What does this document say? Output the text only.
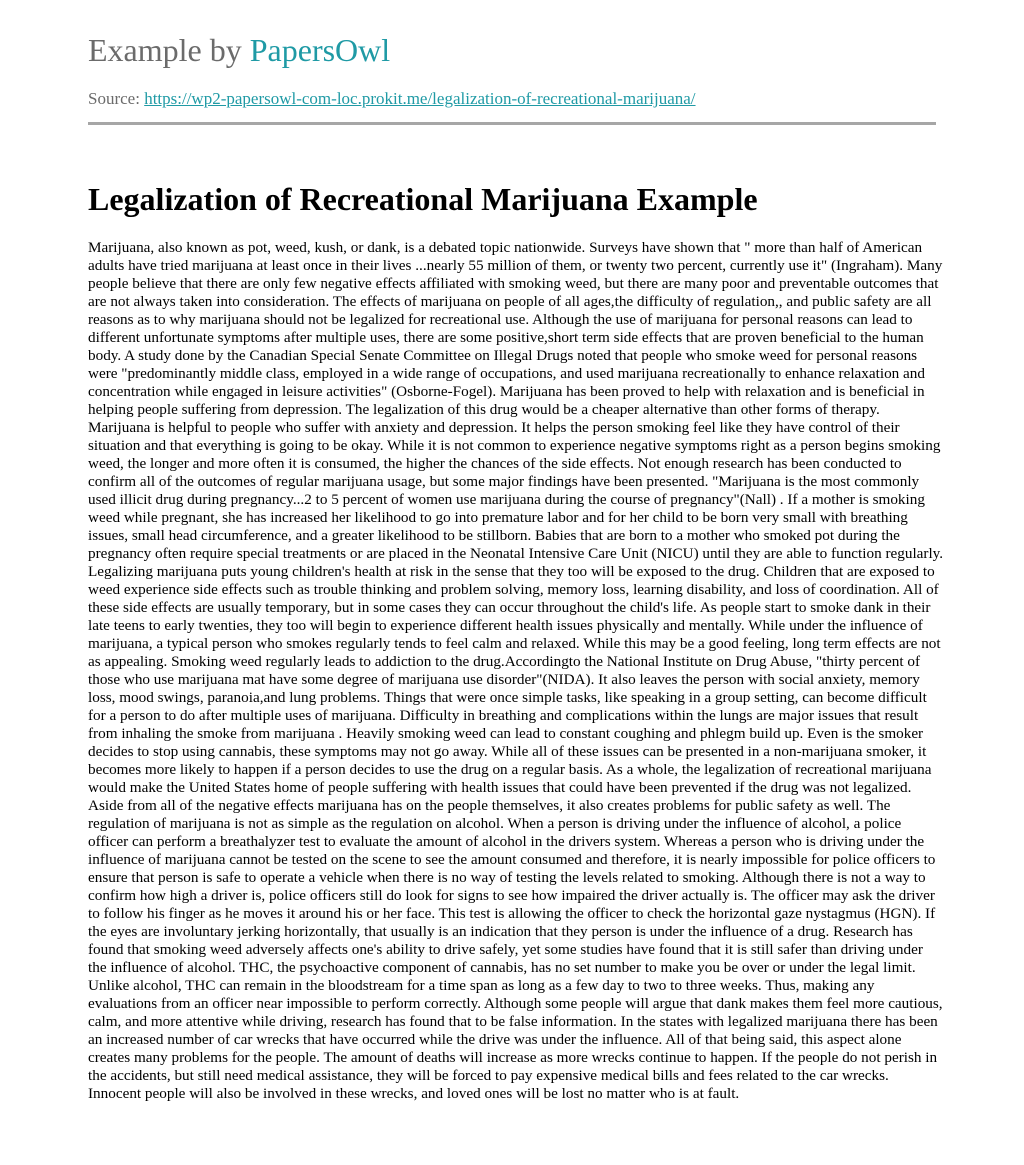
Example by PapersOwl
Source: https://wp2-papersowl-com-loc.prokit.me/legalization-of-recreational-marijuana/
Legalization of Recreational Marijuana Example

Marijuana, also known as pot, weed, kush, or dank, is a debated topic nationwide. Surveys have shown that " more than half of American adults have tried marijuana at least once in their lives ...nearly 55 million of them, or twenty two percent, currently use it" (Ingraham). Many people believe that there are only few negative effects affiliated with smoking weed, but there are many poor and preventable outcomes that are not always taken into consideration. The effects of marijuana on people of all ages,the difficulty of regulation,, and public safety are all reasons as to why marijuana should not be legalized for recreational use. Although the use of marijuana for personal reasons can lead to different unfortunate symptoms after multiple uses, there are some positive,short term side effects that are proven beneficial to the human body. A study done by the Canadian Special Senate Committee on Illegal Drugs noted that people who smoke weed for personal reasons were "predominantly middle class, employed in a wide range of occupations, and used marijuana recreationally to enhance relaxation and concentration while engaged in leisure activities" (Osborne-Fogel). Marijuana has been proved to help with relaxation and is beneficial in helping people suffering from depression. The legalization of this drug would be a cheaper alternative than other forms of therapy. Marijuana is helpful to people who suffer with anxiety and depression. It helps the person smoking feel like they have control of their situation and that everything is going to be okay. While it is not common to experience negative symptoms right as a person begins smoking weed, the longer and more often it is consumed, the higher the chances of the side effects. Not enough research has been conducted to confirm all of the outcomes of regular marijuana usage, but some major findings have been presented. "Marijuana is the most commonly used illicit drug during pregnancy...2 to 5 percent of women use marijuana during the course of pregnancy"(Nall) . If a mother is smoking weed while pregnant, she has increased her likelihood to go into premature labor and for her child to be born very small with breathing issues, small head circumference, and a greater likelihood to be stillborn. Babies that are born to a mother who smoked pot during the pregnancy often require special treatments or are placed in the Neonatal Intensive Care Unit (NICU) until they are able to function regularly. Legalizing marijuana puts young children's health at risk in the sense that they too will be exposed to the drug. Children that are exposed to weed experience side effects such as trouble thinking and problem solving, memory loss, learning disability, and loss of coordination. All of these side effects are usually temporary, but in some cases they can occur throughout the child's life. As people start to smoke dank in their late teens to early twenties, they too will begin to experience different health issues physically and mentally. While under the influence of marijuana, a typical person who smokes regularly tends to feel calm and relaxed. While this may be a good feeling, long term effects are not as appealing. Smoking weed regularly leads to addiction to the drug.Accordingto the National Institute on Drug Abuse, "thirty percent of those who use marijuana mat have some degree of marijuana use disorder"(NIDA). It also leaves the person with social anxiety, memory loss, mood swings, paranoia,and lung problems. Things that were once simple tasks, like speaking in a group setting, can become difficult for a person to do after multiple uses of marijuana. Difficulty in breathing and complications within the lungs are major issues that result from inhaling the smoke from marijuana . Heavily smoking weed can lead to constant coughing and phlegm build up. Even is the smoker decides to stop using cannabis, these symptoms may not go away. While all of these issues can be presented in a non-marijuana smoker, it becomes more likely to happen if a person decides to use the drug on a regular basis. As a whole, the legalization of recreational marijuana would make the United States home of people suffering with health issues that could have been prevented if the drug was not legalized. Aside from all of the negative effects marijuana has on the people themselves, it also creates problems for public safety as well. The regulation of marijuana is not as simple as the regulation on alcohol. When a person is driving under the influence of alcohol, a police officer can perform a breathalyzer test to evaluate the amount of alcohol in the drivers system. Whereas a person who is driving under the influence of marijuana cannot be tested on the scene to see the amount consumed and therefore, it is nearly impossible for police officers to ensure that person is safe to operate a vehicle when there is no way of testing the levels related to smoking. Although there is not a way to confirm how high a driver is, police officers still do look for signs to see how impaired the driver actually is. The officer may ask the driver to follow his finger as he moves it around his or her face. This test is allowing the officer to check the horizontal gaze nystagmus (HGN). If the eyes are involuntary jerking horizontally, that usually is an indication that they person is under the influence of a drug. Research has found that smoking weed adversely affects one's ability to drive safely, yet some studies have found that it is still safer than driving under the influence of alcohol. THC, the psychoactive component of cannabis, has no set number to make you be over or under the legal limit. Unlike alcohol, THC can remain in the bloodstream for a time span as long as a few day to two to three weeks. Thus, making any evaluations from an officer near impossible to perform correctly. Although some people will argue that dank makes them feel more cautious, calm, and more attentive while driving, research has found that to be false information. In the states with legalized marijuana there has been an increased number of car wrecks that have occurred while the drive was under the influence. All of that being said, this aspect alone creates many problems for the people. The amount of deaths will increase as more wrecks continue to happen. If the people do not perish in the accidents, but still need medical assistance, they will be forced to pay expensive medical bills and fees related to the car wrecks. Innocent people will also be involved in these wrecks, and loved ones will be lost no matter who is at fault.
